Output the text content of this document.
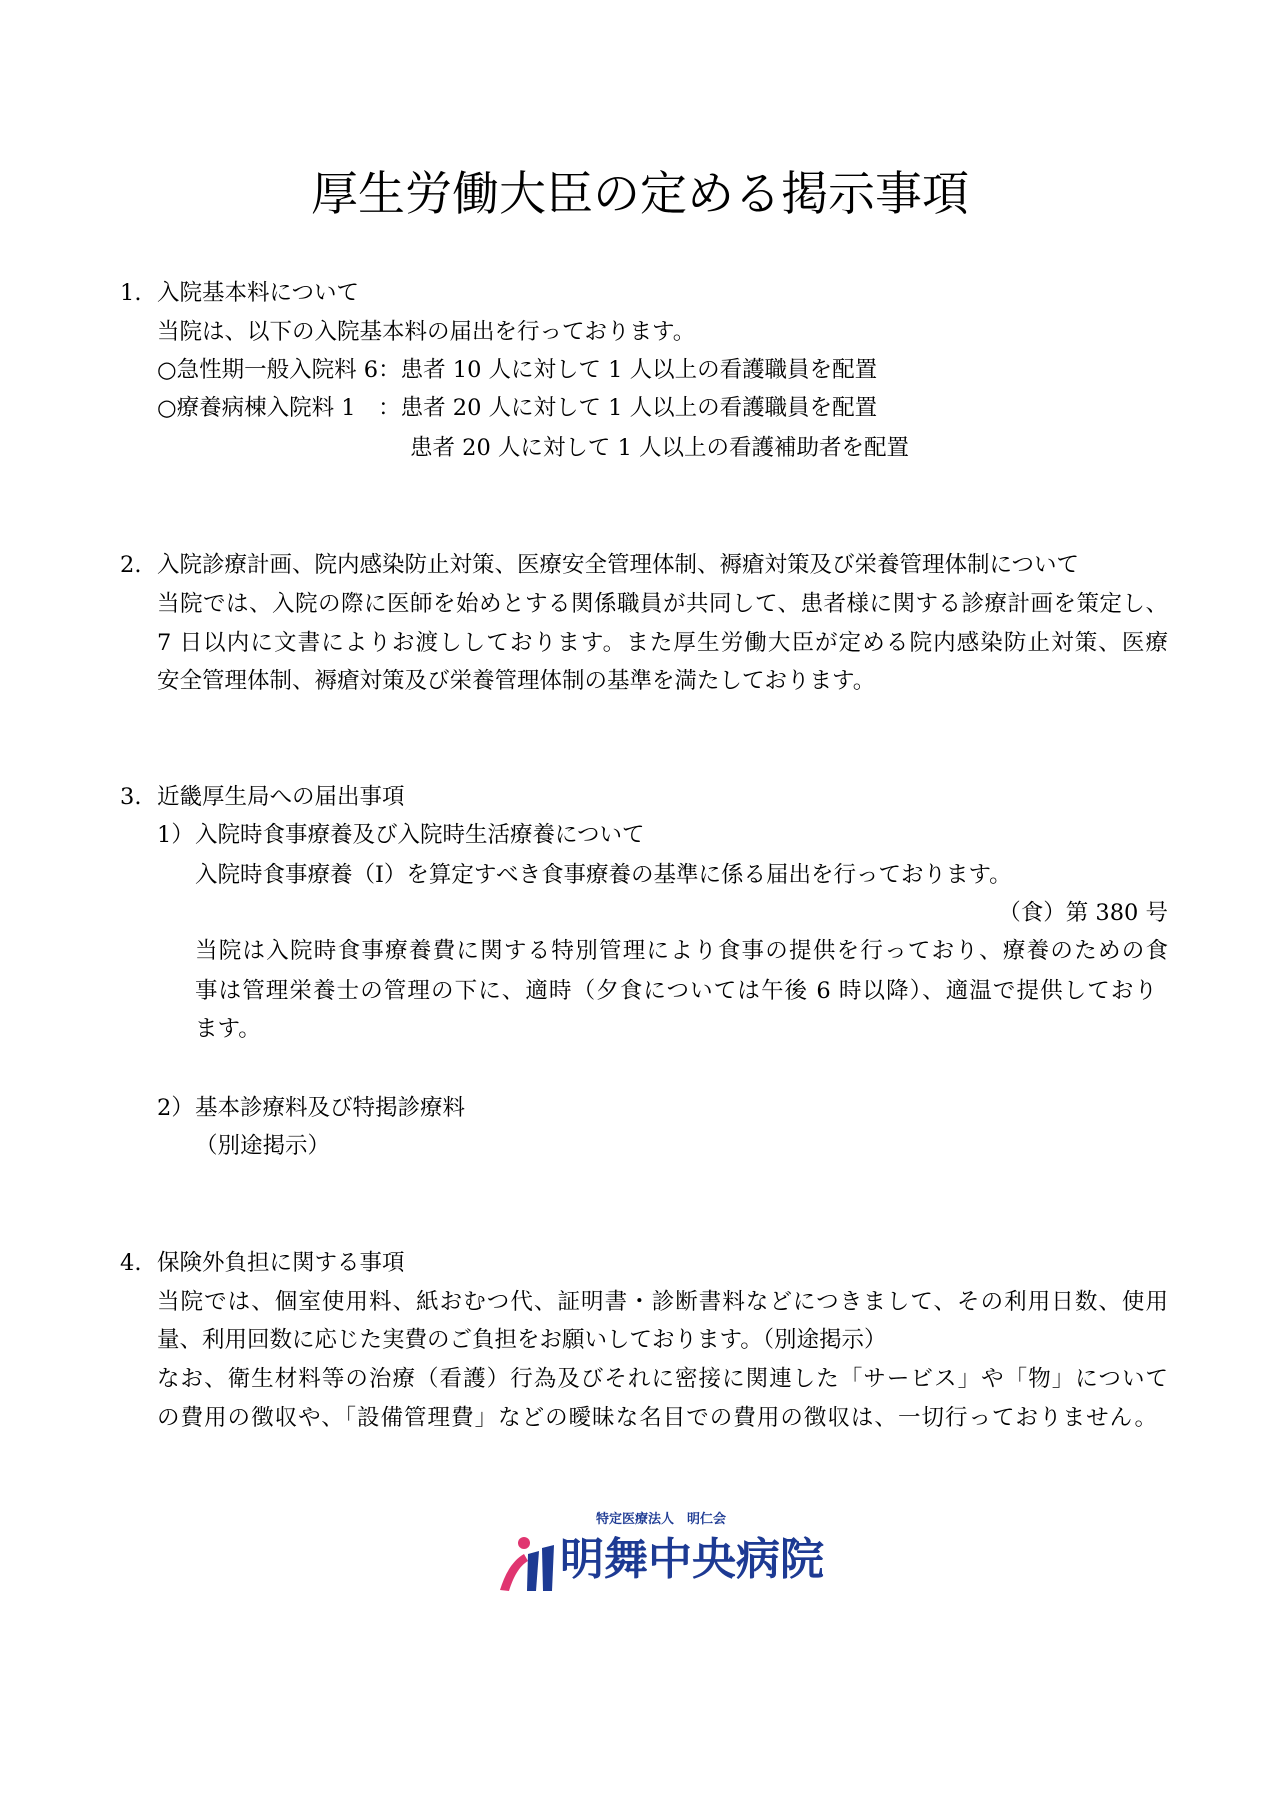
厚生労働大臣の定める掲示事項
1. 入院基本料について
当院は、以下の入院基本料の届出を行っております。
○急性期一般入院料 6：患者 10 人に対して 1 人以上の看護職員を配置
○療養病棟入院料 1　：患者 20 人に対して 1 人以上の看護職員を配置
患者 20 人に対して 1 人以上の看護補助者を配置
2. 入院診療計画、院内感染防止対策、医療安全管理体制、褥瘡対策及び栄養管理体制について
当院では、入院の際に医師を始めとする関係職員が共同して、患者様に関する診療計画を策定し、
7 日以内に文書によりお渡ししております。また厚生労働大臣が定める院内感染防止対策、医療
安全管理体制、褥瘡対策及び栄養管理体制の基準を満たしております。
3. 近畿厚生局への届出事項
1） 入院時食事療養及び入院時生活療養について
入院時食事療養（Ⅰ）を算定すべき食事療養の基準に係る届出を行っております。
（食）第 380 号
当院は入院時食事療養費に関する特別管理により食事の提供を行っており、療養のための食
事は管理栄養士の管理の下に、適時（夕食については午後 6 時以降）、適温で提供しており
ます。
2） 基本診療料及び特掲診療料
（別途掲示）
4. 保険外負担に関する事項
当院では、個室使用料、紙おむつ代、証明書・診断書料などにつきまして、その利用日数、使用
量、利用回数に応じた実費のご負担をお願いしております。（別途掲示）
なお、衛生材料等の治療（看護）行為及びそれに密接に関連した「サービス」や「物」について
の費用の徴収や、「設備管理費」などの曖昧な名目での費用の徴収は、一切行っておりません。
特定医療法人　明仁会
明舞中央病院
